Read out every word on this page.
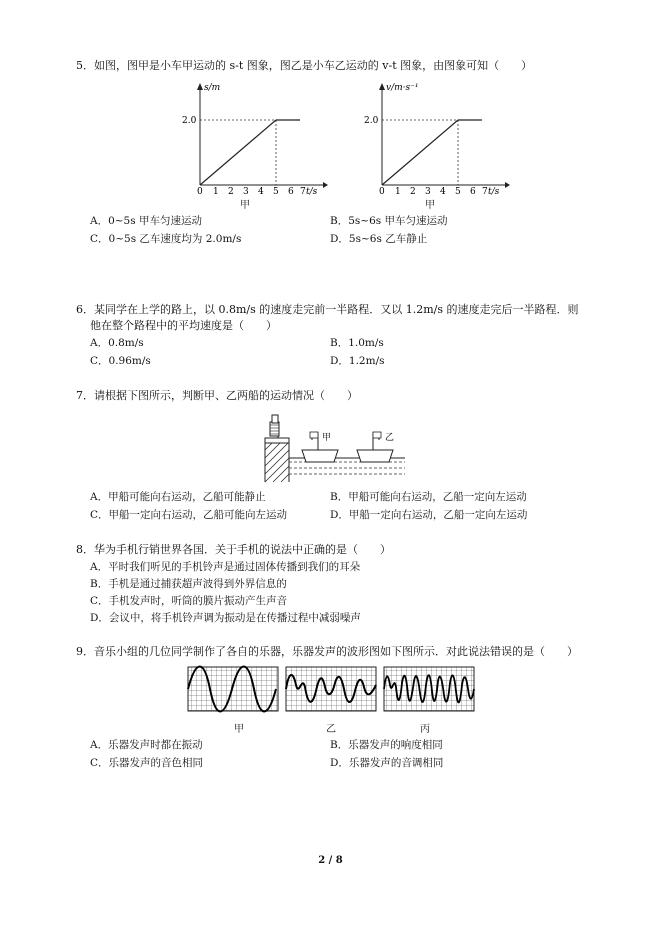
5．如图，图甲是小车甲运动的 s-t 图象，图乙是小车乙运动的 v-t 图象，由图象可知（　　）
s/m
2.0
0 1 2 3 4 5 6 7 t/s
甲
v/m·s⁻¹
2.0
0 1 2 3 4 5 6 7 t/s
甲
A．0~5s 甲车匀速运动	B．5s~6s 甲车匀速运动
C．0~5s 乙车速度均为 2.0m/s	D．5s~6s 乙车静止
6．某同学在上学的路上，以 0.8m/s 的速度走完前一半路程．又以 1.2m/s 的速度走完后一半路程．则
他在整个路程中的平均速度是（　　）
A．0.8m/s	B．1.0m/s
C．0.96m/s	D．1.2m/s
7．请根据下图所示，判断甲、乙两船的运动情况（　　）
甲	乙
A．甲船可能向右运动，乙船可能静止	B．甲船可能向右运动，乙船一定向左运动
C．甲船一定向右运动，乙船可能向左运动	D．甲船一定向右运动，乙船一定向左运动
8．华为手机行销世界各国．关于手机的说法中正确的是（　　）
A．平时我们听见的手机铃声是通过固体传播到我们的耳朵
B．手机是通过捕获超声波得到外界信息的
C．手机发声时，听筒的膜片振动产生声音
D．会议中，将手机铃声调为振动是在传播过程中减弱噪声
9．音乐小组的几位同学制作了各自的乐器，乐器发声的波形图如下图所示．对此说法错误的是（　　）
甲	乙	丙
A．乐器发声时都在振动	B．乐器发声的响度相同
C．乐器发声的音色相同	D．乐器发声的音调相同
2 / 8
